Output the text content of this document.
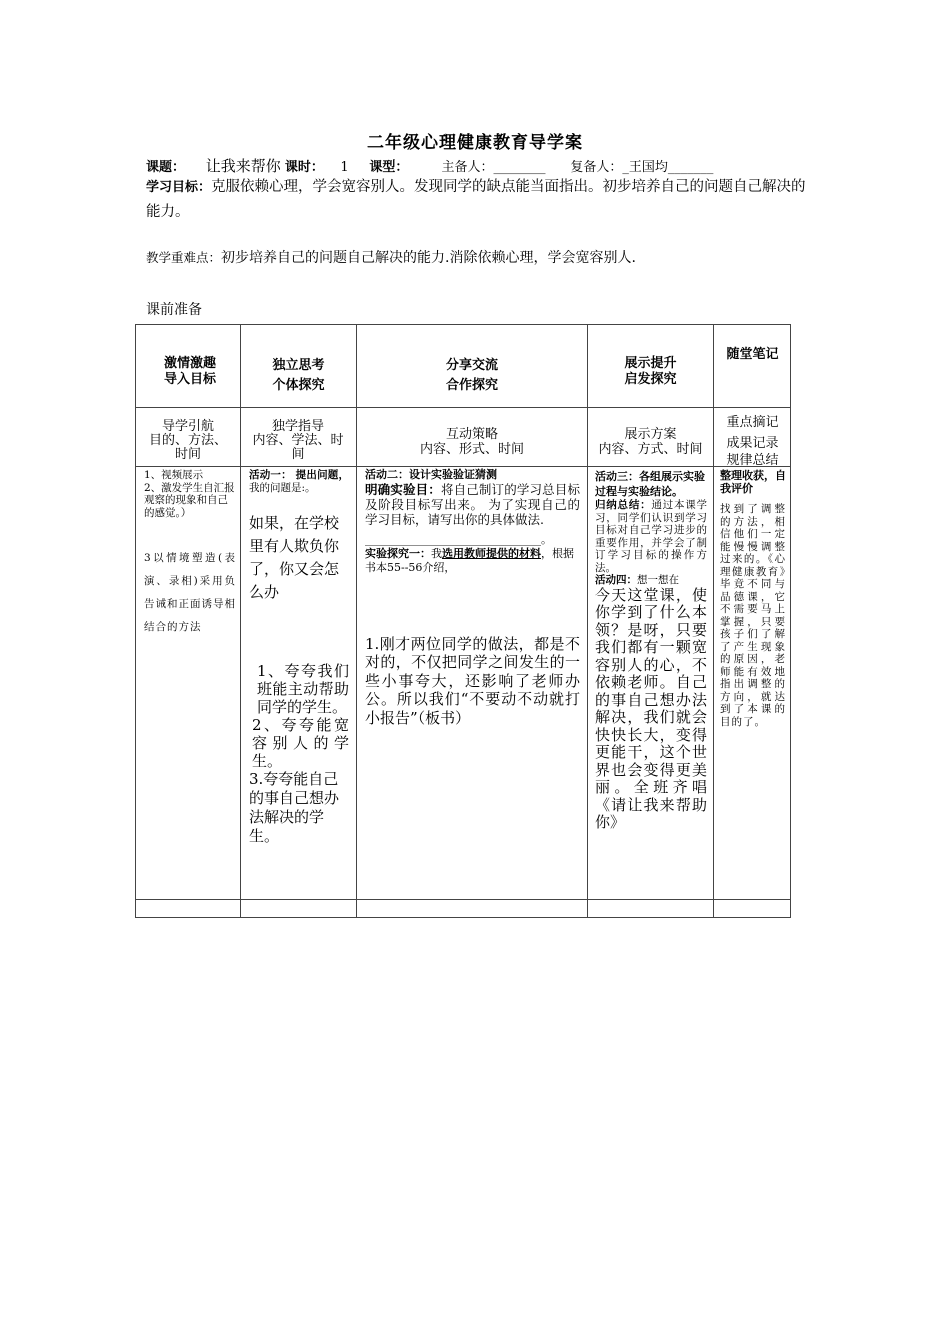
二年级心理健康教育导学案
课题： 让我来帮你 课时： 1 课型：	主备人：________ 复备人：_王国均_______
学习目标：克服依赖心理，学会宽容别人。发现同学的缺点能当面指出。初步培养自己的问题自己解决的能力。
教学重难点：初步培养自己的问题自己解决的能力.消除依赖心理，学会宽容别人.
课前准备
激情激趣
导入目标
独立思考
个体探究
分享交流
合作探究
展示提升
启发探究
随堂笔记
导学引航
目的、方法、
时间
独学指导
内容、学法、时
间
互动策略
内容、形式、时间
展示方案
内容、方式、时间
重点摘记
成果记录
规律总结
1、视频展示
2、激发学生自汇报观察的现象和自己的感觉。）
3以情境塑造(表演、录相)采用负告诫和正面诱导相结合的方法
活动一： 提出问题， 我的问题是:。
如果，在学校里有人欺负你了，你又会怎么办
1、夸夸我们班能主动帮助同学的学生。
2、夸夸能宽容别人的学生。
3.夸夸能自己的事自己想办法解决的学生。
活动二：设计实验验证猜测
明确实验目：将自己制订的学习总目标及阶段目标写出来。 为了实现自己的学习目标，请写出你的具体做法.
________________________________。
实验探究一：我选用教师提供的材料，根据书本55--56介绍，
1.刚才两位同学的做法，都是不对的，不仅把同学之间发生的一些小事夸大，还影响了老师办公。所以我们“不要动不动就打小报告”（板书）
活动三：各组展示实验过程与实验结论。
归纳总结：通过本课学习，同学们认识到学习目标对自己学习进步的重要作用，并学会了制订学习目标的操作方法。
活动四：想一想在
今天这堂课，使你学到了什么本领？是呀，只要我们都有一颗宽容别人的心，不依赖老师。自己的事自己想办法解决，我们就会快快长大，变得更能干，这个世界也会变得更美丽。全班齐唱《请让我来帮助你》
整理收获，自我评价
找到了调整的方法，相信他们一定能慢慢调整过来的。《心理健康教育》毕竟不同与品德课，它不需要马上掌握，只要孩子们了解了产生现象的原因，老师能有效地指出调整的方向，就达到了本课的目的了。
